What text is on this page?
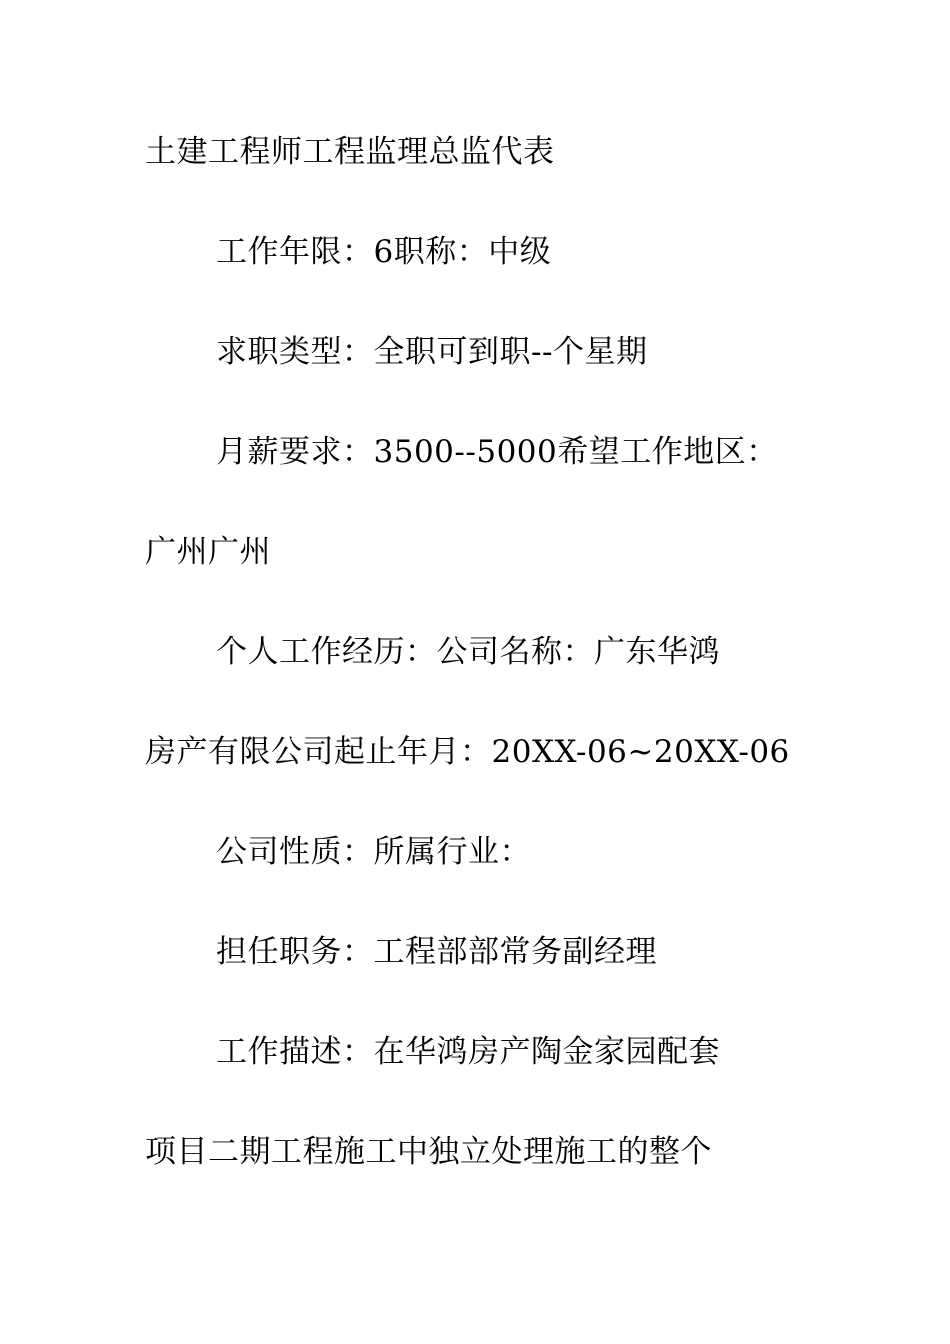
土建工程师工程监理总监代表
工作年限：6职称：中级
求职类型：全职可到职--个星期
月薪要求：3500--5000希望工作地区：
广州广州
个人工作经历：公司名称：广东华鸿
房产有限公司起止年月：20XX-06~20XX-06
公司性质：所属行业：
担任职务：工程部部常务副经理
工作描述：在华鸿房产陶金家园配套
项目二期工程施工中独立处理施工的整个
